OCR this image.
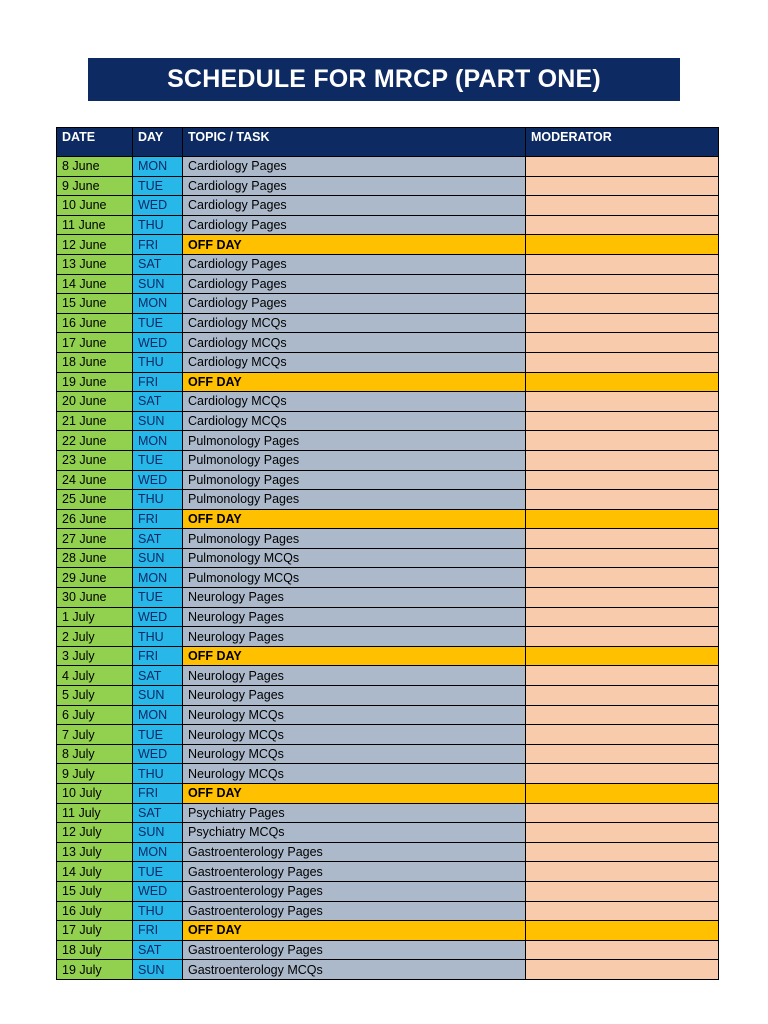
SCHEDULE FOR MRCP (PART ONE)
DATE	DAY	TOPIC / TASK	MODERATOR
8 June	MON	Cardiology Pages	
9 June	TUE	Cardiology Pages	
10 June	WED	Cardiology Pages	
11 June	THU	Cardiology Pages	
12 June	FRI	OFF DAY	
13 June	SAT	Cardiology Pages	
14 June	SUN	Cardiology Pages	
15 June	MON	Cardiology Pages	
16 June	TUE	Cardiology MCQs	
17 June	WED	Cardiology MCQs	
18 June	THU	Cardiology MCQs	
19 June	FRI	OFF DAY	
20 June	SAT	Cardiology MCQs	
21 June	SUN	Cardiology MCQs	
22 June	MON	Pulmonology Pages	
23 June	TUE	Pulmonology Pages	
24 June	WED	Pulmonology Pages	
25 June	THU	Pulmonology Pages	
26 June	FRI	OFF DAY	
27 June	SAT	Pulmonology Pages	
28 June	SUN	Pulmonology MCQs	
29 June	MON	Pulmonology MCQs	
30 June	TUE	Neurology Pages	
1 July	WED	Neurology Pages	
2 July	THU	Neurology Pages	
3 July	FRI	OFF DAY	
4 July	SAT	Neurology Pages	
5 July	SUN	Neurology Pages	
6 July	MON	Neurology MCQs	
7 July	TUE	Neurology MCQs	
8 July	WED	Neurology MCQs	
9 July	THU	Neurology MCQs	
10 July	FRI	OFF DAY	
11 July	SAT	Psychiatry Pages	
12 July	SUN	Psychiatry MCQs	
13 July	MON	Gastroenterology Pages	
14 July	TUE	Gastroenterology Pages	
15 July	WED	Gastroenterology Pages	
16 July	THU	Gastroenterology Pages	
17 July	FRI	OFF DAY	
18 July	SAT	Gastroenterology Pages	
19 July	SUN	Gastroenterology MCQs	
